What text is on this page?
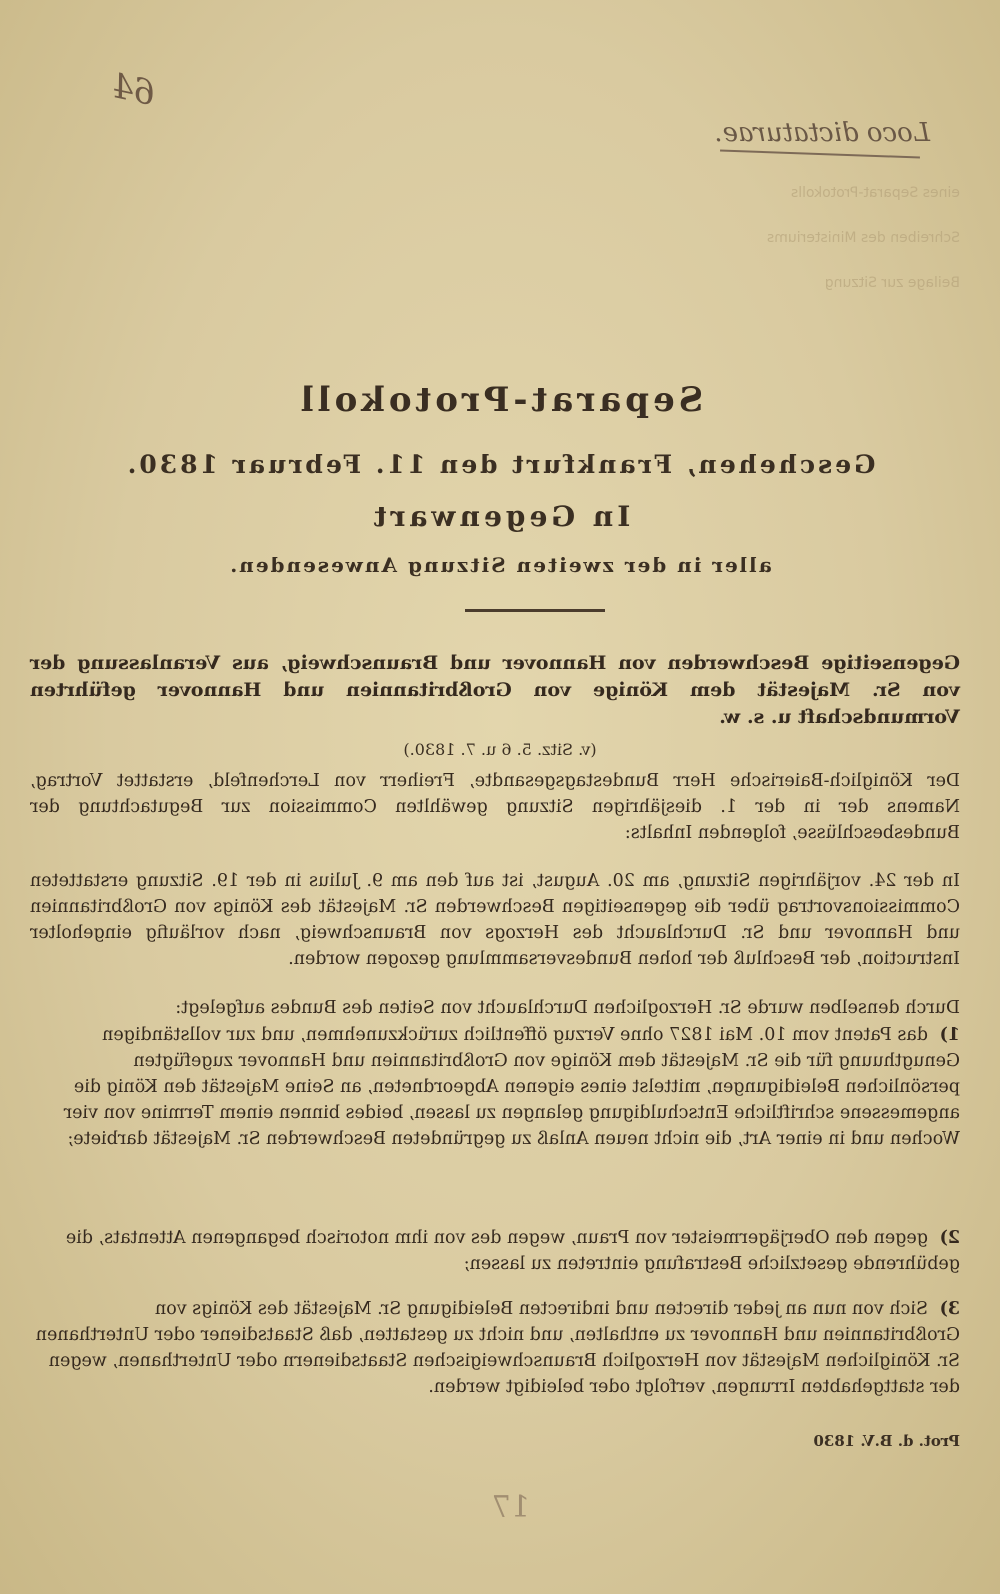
64
Loco dictaturae.
eines Separat-Protokolls
Schreiben des Ministeriums
Beilage zur Sitzung
Separat-Protokoll
Geschehen, Frankfurt den 11. Februar 1830.
In Gegenwart
aller in der zweiten Sitzung Anwesenden.

Gegenseitige Beschwerden von Hannover und Braunschweig, aus Veranlassung der von Sr. Majestät dem Könige von Großbritannien und Hannover geführten Vormundschaft u. s. w.

(v. Sitz. 5. 6 u. 7. 1830.)

Der Königlich-Baierische Herr Bundestagsgesandte, Freiherr von Lerchenfeld, erstattet Vortrag, Namens der in der 1. diesjährigen Sitzung gewählten Commission zur Begutachtung der Bundesbeschlüsse, folgenden Inhalts:

In der 24. vorjährigen Sitzung, am 20. August, ist auf den am 9. Julius in der 19. Sitzung erstatteten Commissionsvortrag über die gegenseitigen Beschwerden Sr. Majestät des Königs von Großbritannien und Hannover und Sr. Durchlaucht des Herzogs von Braunschweig, nach vorläufig eingeholter Instruction, der Beschluß der hohen Bundesversammlung gezogen worden.

Durch denselben wurde Sr. Herzoglichen Durchlaucht von Seiten des Bundes aufgelegt:

1) das Patent vom 10. Mai 1827 ohne Verzug öffentlich zurückzunehmen, und zur vollständigen Genugthuung für die Sr. Majestät dem Könige von Großbritannien und Hannover zugefügten persönlichen Beleidigungen, mittelst eines eigenen Abgeordneten, an Seine Majestät den König die angemessene schriftliche Entschuldigung gelangen zu lassen, beides binnen einem Termine von vier Wochen und in einer Art, die nicht neuen Anlaß zu gegründeten Beschwerden Sr. Majestät darbiete;

2) gegen den Oberjägermeister von Praun, wegen des von ihm notorisch begangenen Attentats, die gebührende gesetzliche Bestrafung eintreten zu lassen;

3) Sich von nun an jeder directen und indirecten Beleidigung Sr. Majestät des Königs von Großbritannien und Hannover zu enthalten, und nicht zu gestatten, daß Staatsdiener oder Unterthanen Sr. Königlichen Majestät von Herzoglich Braunschweigischen Staatsdienern oder Unterthanen, wegen der stattgehabten Irrungen, verfolgt oder beleidigt werden.

Prot. d. B.V. 1830
17
